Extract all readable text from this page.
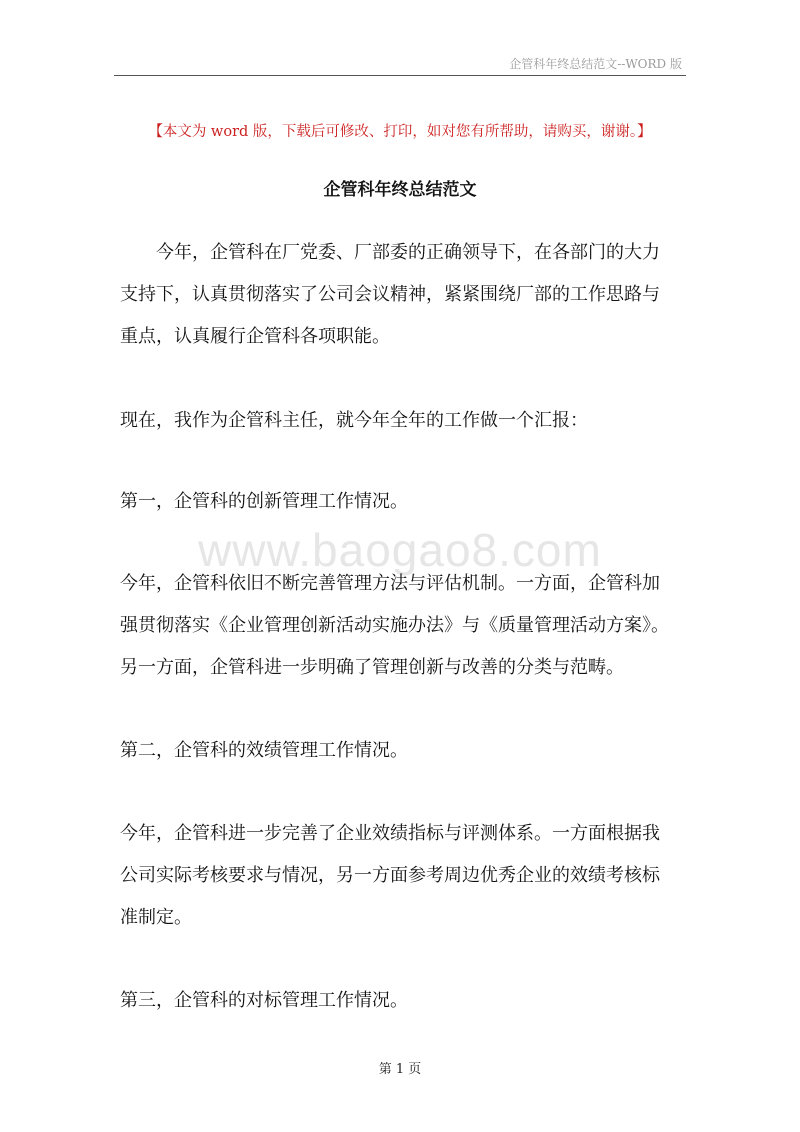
企管科年终总结范文--WORD 版
【本文为 word 版，下载后可修改、打印，如对您有所帮助，请购买，谢谢。】
企管科年终总结范文
www.baogao8.com
　　今年，企管科在厂党委、厂部委的正确领导下，在各部门的大力
支持下，认真贯彻落实了公司会议精神，紧紧围绕厂部的工作思路与
重点，认真履行企管科各项职能。
现在，我作为企管科主任，就今年全年的工作做一个汇报：
第一，企管科的创新管理工作情况。
今年，企管科依旧不断完善管理方法与评估机制。一方面，企管科加
强贯彻落实《企业管理创新活动实施办法》与《质量管理活动方案》。
另一方面，企管科进一步明确了管理创新与改善的分类与范畴。
第二，企管科的效绩管理工作情况。
今年，企管科进一步完善了企业效绩指标与评测体系。一方面根据我
公司实际考核要求与情况，另一方面参考周边优秀企业的效绩考核标
准制定。
第三，企管科的对标管理工作情况。
第 1 页
